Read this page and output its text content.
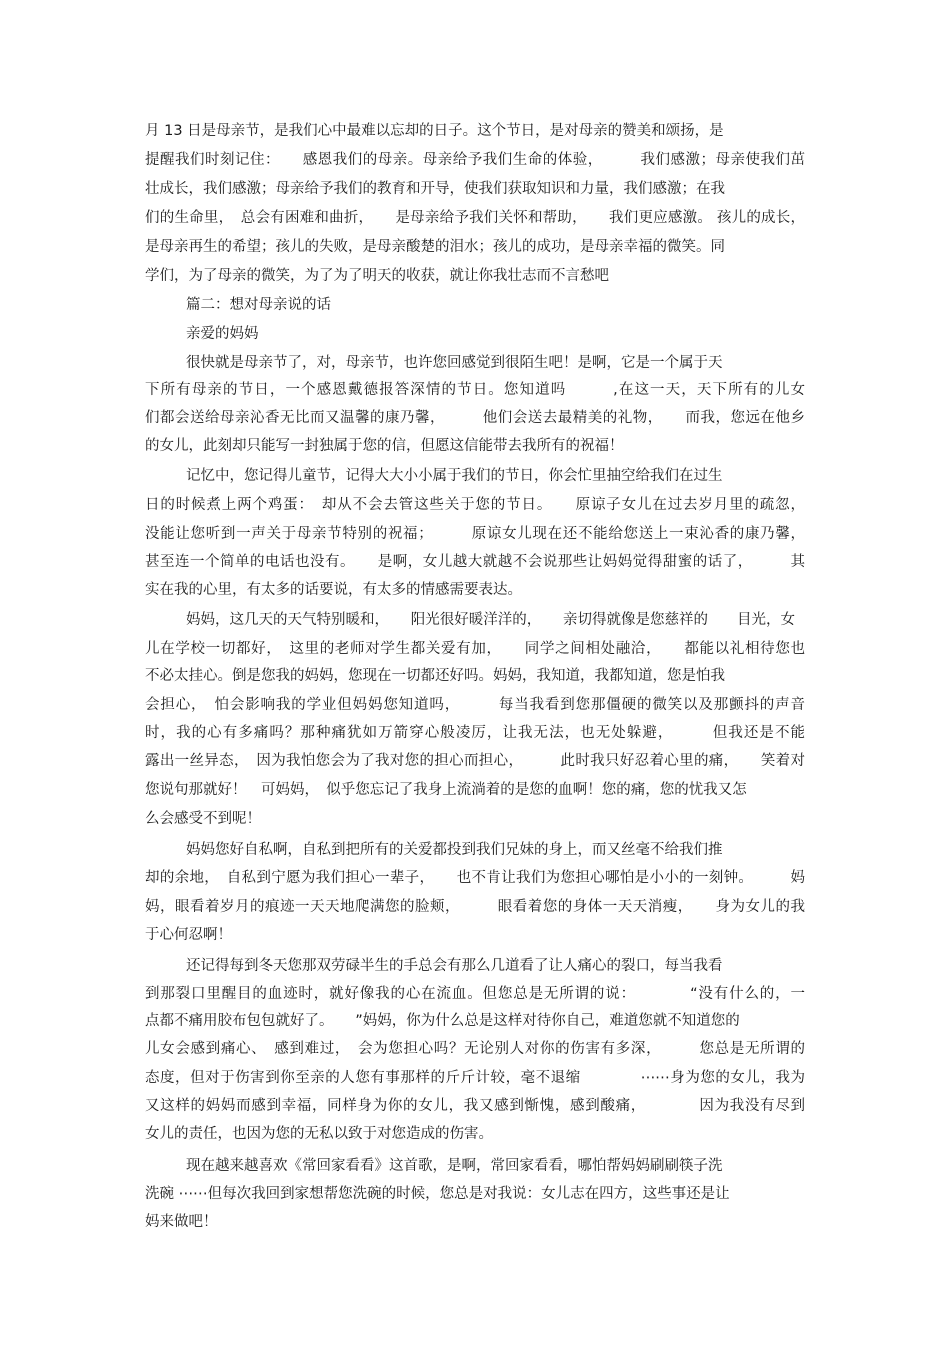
月 13 日是母亲节，是我们心中最难以忘却的日子。这个节日，是对母亲的赞美和颂扬，是
提醒我们时刻记住：　　感恩我们的母亲。母亲给予我们生命的体验，　　　我们感激；母亲使我们茁
壮成长，我们感激；母亲给予我们的教育和开导，使我们获取知识和力量，我们感激；在我
们的生命里，　总会有困难和曲折，　　是母亲给予我们关怀和帮助，　　我们更应感激。 孩儿的成长，
是母亲再生的希望；孩儿的失败，是母亲酸楚的泪水；孩儿的成功，是母亲幸福的微笑。同
学们，为了母亲的微笑，为了为了明天的收获，就让你我壮志而不言愁吧
篇二：想对母亲说的话
亲爱的妈妈
很快就是母亲节了，对，母亲节，也许您回感觉到很陌生吧！是啊，它是一个属于天
下所有母亲的节日，一个感恩戴德报答深情的节日。您知道吗　　　,在这一天，天下所有的儿女
们都会送给母亲沁香无比而又温馨的康乃馨，　　　他们会送去最精美的礼物，　　而我，您远在他乡
的女儿，此刻却只能写一封独属于您的信，但愿这信能带去我所有的祝福！
记忆中，您记得儿童节，记得大大小小属于我们的节日，你会忙里抽空给我们在过生
日的时候煮上两个鸡蛋：　却从不会去管这些关于您的节日。　　原谅子女儿在过去岁月里的疏忽，
没能让您听到一声关于母亲节特别的祝福；　　　原谅女儿现在还不能给您送上一束沁香的康乃馨，
甚至连一个简单的电话也没有。　　是啊，女儿越大就越不会说那些让妈妈觉得甜蜜的话了，　　　其
实在我的心里，有太多的话要说，有太多的情感需要表达。
妈妈，这几天的天气特别暖和，　　阳光很好暖洋洋的，　　亲切得就像是您慈祥的　　目光，女
儿在学校一切都好，　这里的老师对学生都关爱有加，　　同学之间相处融洽，　　都能以礼相待您也
不必太挂心。倒是您我的妈妈，您现在一切都还好吗。妈妈，我知道，我都知道，您是怕我
会担心，　怕会影响我的学业但妈妈您知道吗，　　　每当我看到您那僵硬的微笑以及那颤抖的声音
时，我的心有多痛吗？那种痛犹如万箭穿心般凌厉，让我无法，也无处躲避，　　　但我还是不能
露出一丝异态，　因为我怕您会为了我对您的担心而担心，　　　此时我只好忍着心里的痛，　　笑着对
您说句那就好！　可妈妈，　似乎您忘记了我身上流淌着的是您的血啊！您的痛，您的忧我又怎
么会感受不到呢！
妈妈您好自私啊，自私到把所有的关爱都投到我们兄妹的身上，而又丝毫不给我们推
却的余地，　自私到宁愿为我们担心一辈子，　　也不肯让我们为您担心哪怕是小小的一刻钟。　　　妈
妈，眼看着岁月的痕迹一天天地爬满您的脸颊，　　　眼看着您的身体一天天消瘦，　　身为女儿的我
于心何忍啊！
还记得每到冬天您那双劳碌半生的手总会有那么几道看了让人痛心的裂口，每当我看
到那裂口里醒目的血迹时，就好像我的心在流血。但您总是无所谓的说：　　　　“没有什么的，一
点都不痛用胶布包包就好了。　　”妈妈，你为什么总是这样对待你自己，难道您就不知道您的
儿女会感到痛心、　感到难过，　会为您担心吗？无论别人对你的伤害有多深，　　　您总是无所谓的
态度，但对于伤害到你至亲的人您有事那样的斤斤计较，毫不退缩　　　　⋯⋯身为您的女儿，我为
又这样的妈妈而感到幸福，同样身为你的女儿，我又感到惭愧，感到酸痛，　　　　因为我没有尽到
女儿的责任，也因为您的无私以致于对您造成的伤害。
现在越来越喜欢《常回家看看》这首歌，是啊，常回家看看，哪怕帮妈妈刷刷筷子洗
洗碗 ⋯⋯但每次我回到家想帮您洗碗的时候，您总是对我说：女儿志在四方，这些事还是让
妈来做吧！
